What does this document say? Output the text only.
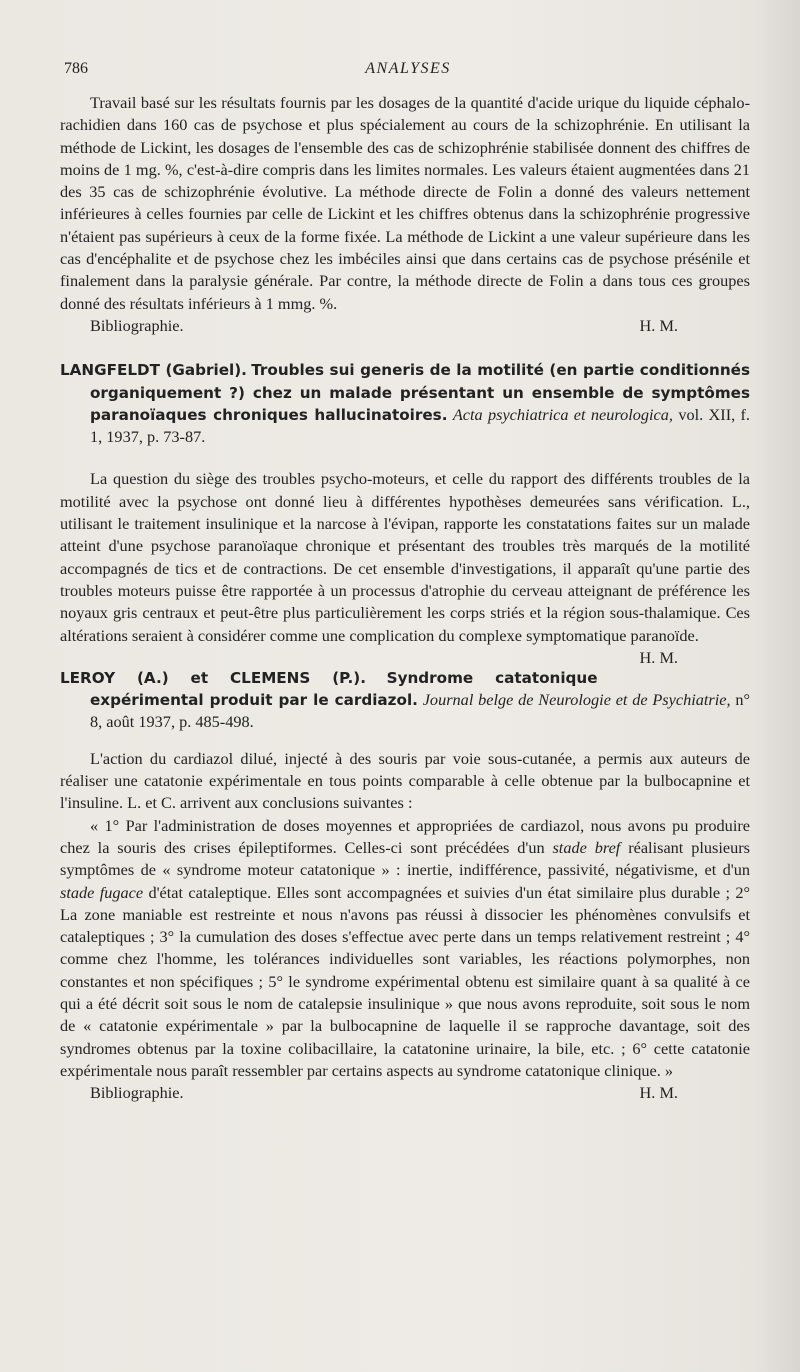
786	ANALYSES

Travail basé sur les résultats fournis par les dosages de la quantité d'acide urique du liquide céphalo-rachidien dans 160 cas de psychose et plus spécialement au cours de la schizophrénie. En utilisant la méthode de Lickint, les dosages de l'ensemble des cas de schizophrénie stabilisée donnent des chiffres de moins de 1 mg. %, c'est-à-dire compris dans les limites normales. Les valeurs étaient augmentées dans 21 des 35 cas de schizophrénie évolutive. La méthode directe de Folin a donné des valeurs nettement inférieures à celles fournies par celle de Lickint et les chiffres obtenus dans la schizophrénie progressive n'étaient pas supérieurs à ceux de la forme fixée. La méthode de Lickint a une valeur supérieure dans les cas d'encéphalite et de psychose chez les imbéciles ainsi que dans certains cas de psychose présénile et finalement dans la paralysie générale. Par contre, la méthode directe de Folin a dans tous ces groupes donné des résultats inférieurs à 1 mmg. %.

Bibliographie.	H. M.

LANGFELDT (Gabriel). Troubles sui generis de la motilité (en partie conditionnés organiquement ?) chez un malade présentant un ensemble de symptômes paranoïaques chroniques hallucinatoires. Acta psychiatrica et neurologica, vol. XII, f. 1, 1937, p. 73-87.

La question du siège des troubles psycho-moteurs, et celle du rapport des différents troubles de la motilité avec la psychose ont donné lieu à différentes hypothèses demeurées sans vérification. L., utilisant le traitement insulinique et la narcose à l'évipan, rapporte les constatations faites sur un malade atteint d'une psychose paranoïaque chronique et présentant des troubles très marqués de la motilité accompagnés de tics et de contractions. De cet ensemble d'investigations, il apparaît qu'une partie des troubles moteurs puisse être rapportée à un processus d'atrophie du cerveau atteignant de préférence les noyaux gris centraux et peut-être plus particulièrement les corps striés et la région sous-thalamique. Ces altérations seraient à considérer comme une complication du complexe symptomatique paranoïde.
H. M.

LEROY (A.) et CLEMENS (P.). Syndrome catatonique expérimental produit par le cardiazol. Journal belge de Neurologie et de Psychiatrie, n° 8, août 1937, p. 485-498.

L'action du cardiazol dilué, injecté à des souris par voie sous-cutanée, a permis aux auteurs de réaliser une catatonie expérimentale en tous points comparable à celle obtenue par la bulbocapnine et l'insuline. L. et C. arrivent aux conclusions suivantes :

« 1° Par l'administration de doses moyennes et appropriées de cardiazol, nous avons pu produire chez la souris des crises épileptiformes. Celles-ci sont précédées d'un stade bref réalisant plusieurs symptômes de « syndrome moteur catatonique » : inertie, indifférence, passivité, négativisme, et d'un stade fugace d'état cataleptique. Elles sont accompagnées et suivies d'un état similaire plus durable ; 2° La zone maniable est restreinte et nous n'avons pas réussi à dissocier les phénomènes convulsifs et cataleptiques ; 3° la cumulation des doses s'effectue avec perte dans un temps relativement restreint ; 4° comme chez l'homme, les tolérances individuelles sont variables, les réactions polymorphes, non constantes et non spécifiques ; 5° le syndrome expérimental obtenu est similaire quant à sa qualité à ce qui a été décrit soit sous le nom de catalepsie insulinique » que nous avons reproduite, soit sous le nom de « catatonie expérimentale » par la bulbocapnine de laquelle il se rapproche davantage, soit des syndromes obtenus par la toxine colibacillaire, la catatonine urinaire, la bile, etc. ; 6° cette catatonie expérimentale nous paraît ressembler par certains aspects au syndrome catatonique clinique. »

Bibliographie.	H. M.
